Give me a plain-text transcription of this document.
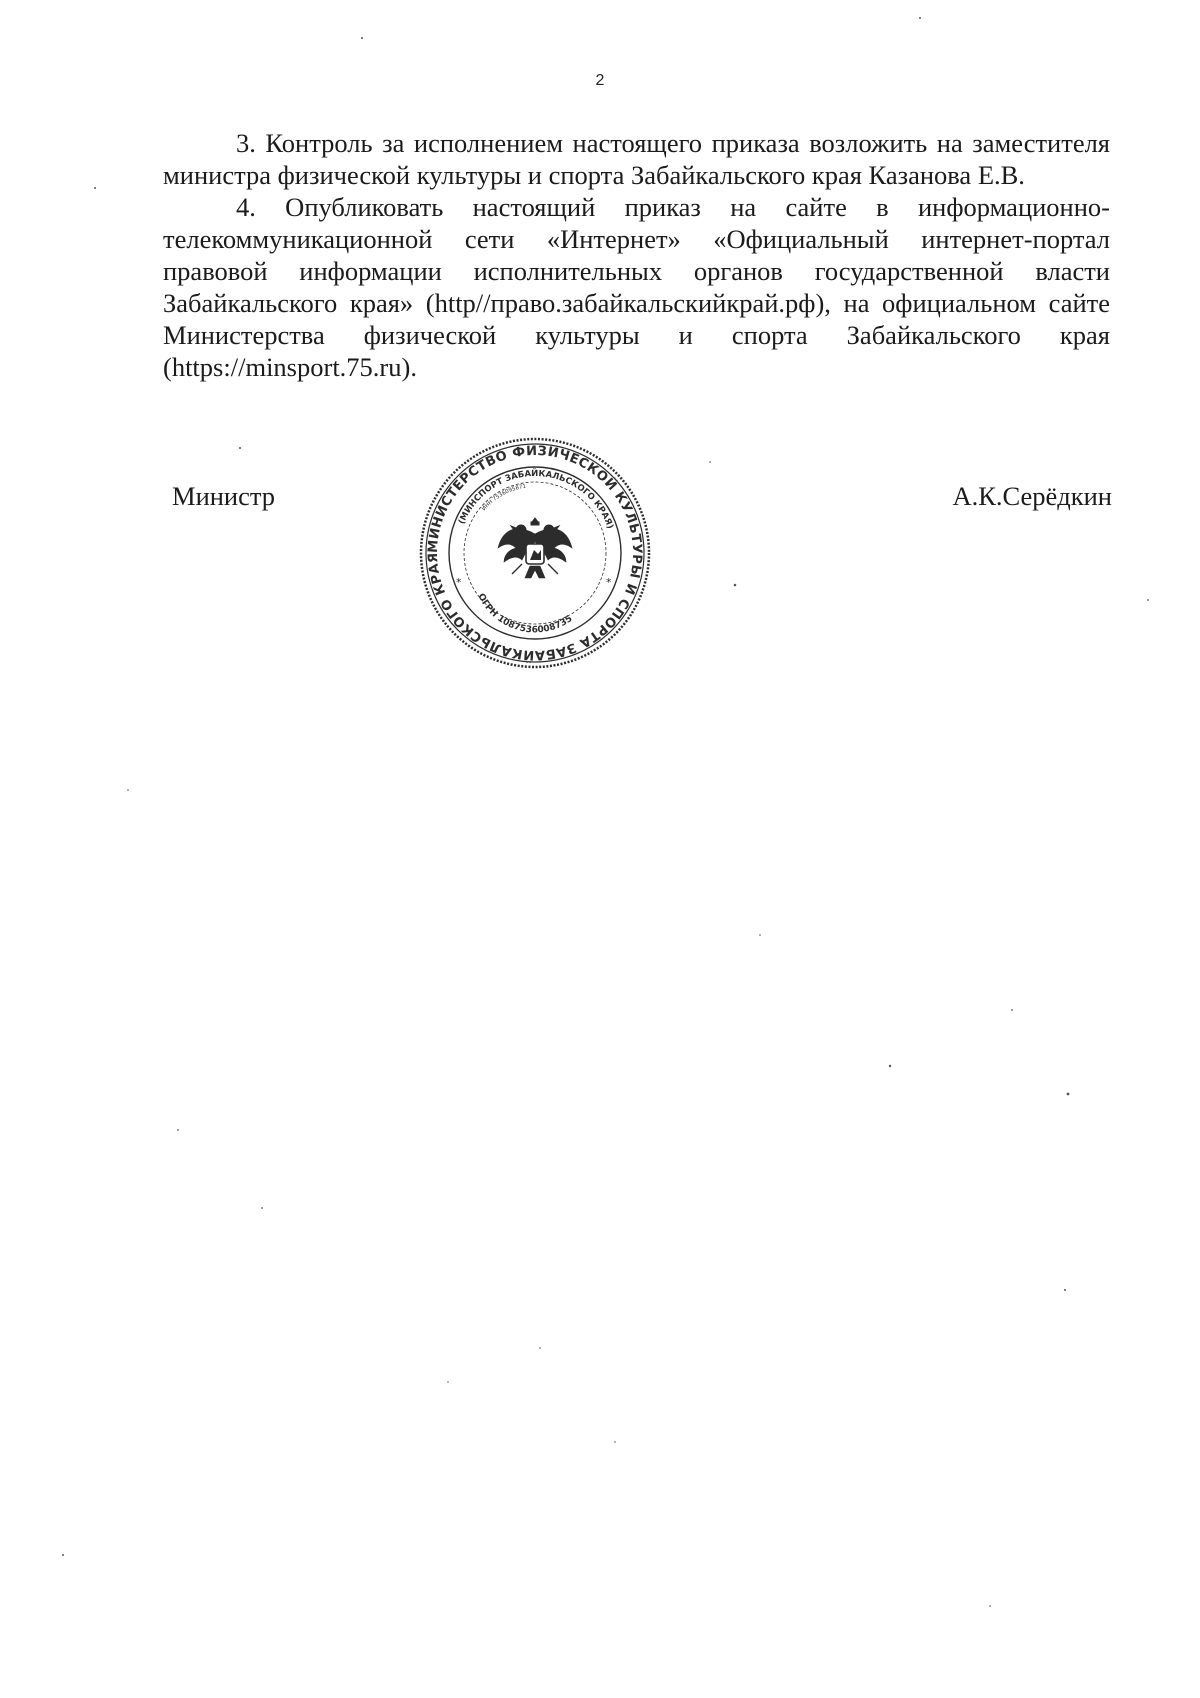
2

3. Контроль за исполнением настоящего приказа возложить на заместителя министра физической культуры и спорта Забайкальского края Казанова Е.В.

4. Опубликовать настоящий приказ на сайте в информационно-телекоммуникационной сети «Интернет» «Официальный интернет-портал правовой информации исполнительных органов государственной власти Забайкальского края» (http//право.забайкальскийкрай.рф), на официальном сайте Министерства физической культуры и спорта Забайкальского края (https://minsport.75.ru).

Министр	А.К.Серёдкин
МИНИСТЕРСТВО ФИЗИЧЕСКОЙ КУЛЬТУРЫ И СПОРТА ЗАБАЙКАЛЬСКОГО КРАЯ
(МИНСПОРТ ЗАБАЙКАЛЬСКОГО КРАЯ)
ИНН 7536095871
ОГРН 1087536008735
*	*
